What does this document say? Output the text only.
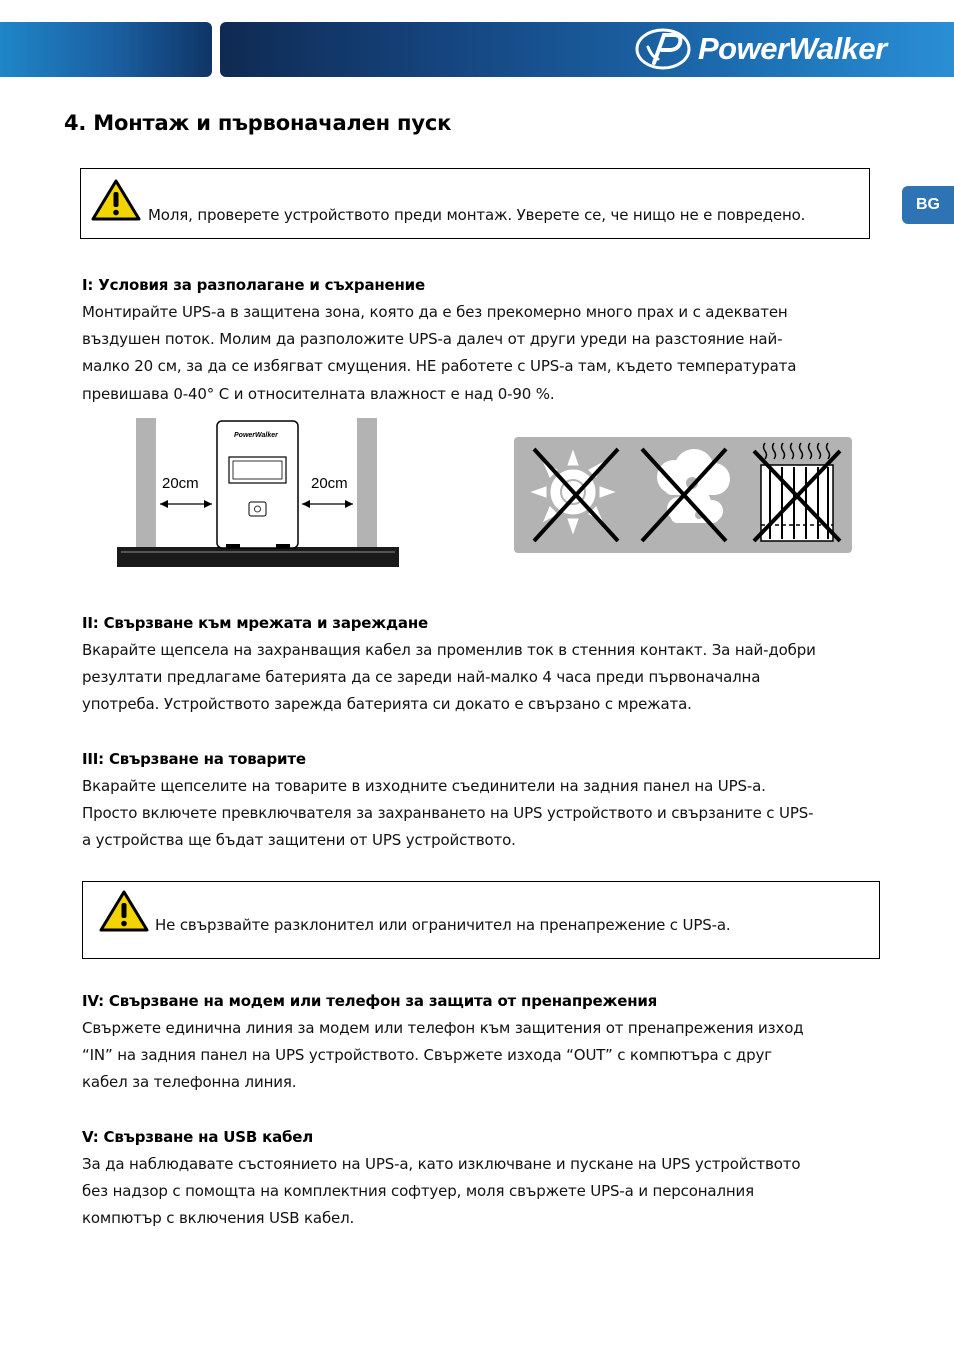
PowerWalker
BG
4. Монтаж и първоначален пуск
Моля, проверете устройството преди монтаж. Уверете се, че нищо не е повредено.
I: Условия за разполагане и съхранение
Монтирайте UPS-а в защитена зона, която да е без прекомерно много прах и с адекватен
въздушен поток. Молим да разположите UPS-а далеч от други уреди на разстояние най-
малко 20 см, за да се избягват смущения. НЕ работете с UPS-а там, където температурата
превишава 0-40° C и относителната влажност е над 0-90 %.
PowerWalker
20cm	20cm
II: Свързване към мрежата и зареждане
Вкарайте щепсела на захранващия кабел за променлив ток в стенния контакт. За най-добри
резултати предлагаме батерията да се зареди най-малко 4 часа преди първоначална
употреба. Устройството зарежда батерията си докато е свързано с мрежата.
III: Свързване на товарите
Вкарайте щепселите на товарите в изходните съединители на задния панел на UPS-а.
Просто включете превключвателя за захранването на UPS устройството и свързаните с UPS-
а устройства ще бъдат защитени от UPS устройството.
Не свързвайте разклонител или ограничител на пренапрежение с UPS-а.
IV: Свързване на модем или телефон за защита от пренапрежения
Свържете единична линия за модем или телефон към защитения от пренапрежения изход
“IN” на задния панел на UPS устройството. Свържете изхода “OUT” с компютъра с друг
кабел за телефонна линия.
V: Свързване на USB кабел
За да наблюдавате състоянието на UPS-а, като изключване и пускане на UPS устройството
без надзор с помощта на комплектния софтуер, моля свържете UPS-а и персоналния
компютър с включения USB кабел.
